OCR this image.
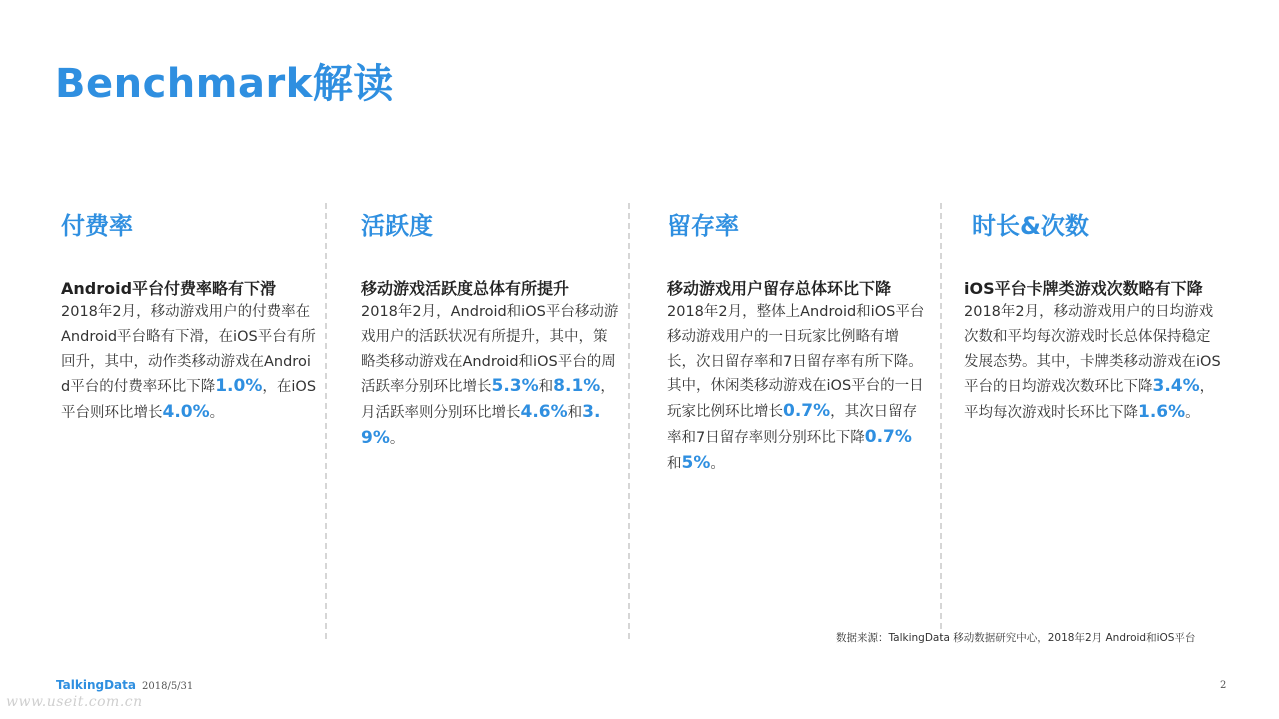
Benchmark解读
付费率
Android平台付费率略有下滑
2018年2月，移动游戏用户的付费率在Android平台略有下滑，在iOS平台有所回升，其中，动作类移动游戏在Android平台的付费率环比下降1.0%，在iOS平台则环比增长4.0%。
活跃度
移动游戏活跃度总体有所提升
2018年2月，Android和iOS平台移动游戏用户的活跃状况有所提升，其中，策略类移动游戏在Android和iOS平台的周活跃率分别环比增长5.3%和8.1%，月活跃率则分别环比增长4.6%和3.9%。
留存率
移动游戏用户留存总体环比下降
2018年2月，整体上Android和iOS平台移动游戏用户的一日玩家比例略有增长，次日留存率和7日留存率有所下降。其中，休闲类移动游戏在iOS平台的一日玩家比例环比增长0.7%，其次日留存率和7日留存率则分别环比下降0.7%和5%。
时长&次数
iOS平台卡牌类游戏次数略有下降
2018年2月，移动游戏用户的日均游戏次数和平均每次游戏时长总体保持稳定发展态势。其中，卡牌类移动游戏在iOS平台的日均游戏次数环比下降3.4%，平均每次游戏时长环比下降1.6%。
数据来源：TalkingData 移动数据研究中心，2018年2月 Android和iOS平台
TalkingData 2018/5/31	2
www.useit.com.cn
